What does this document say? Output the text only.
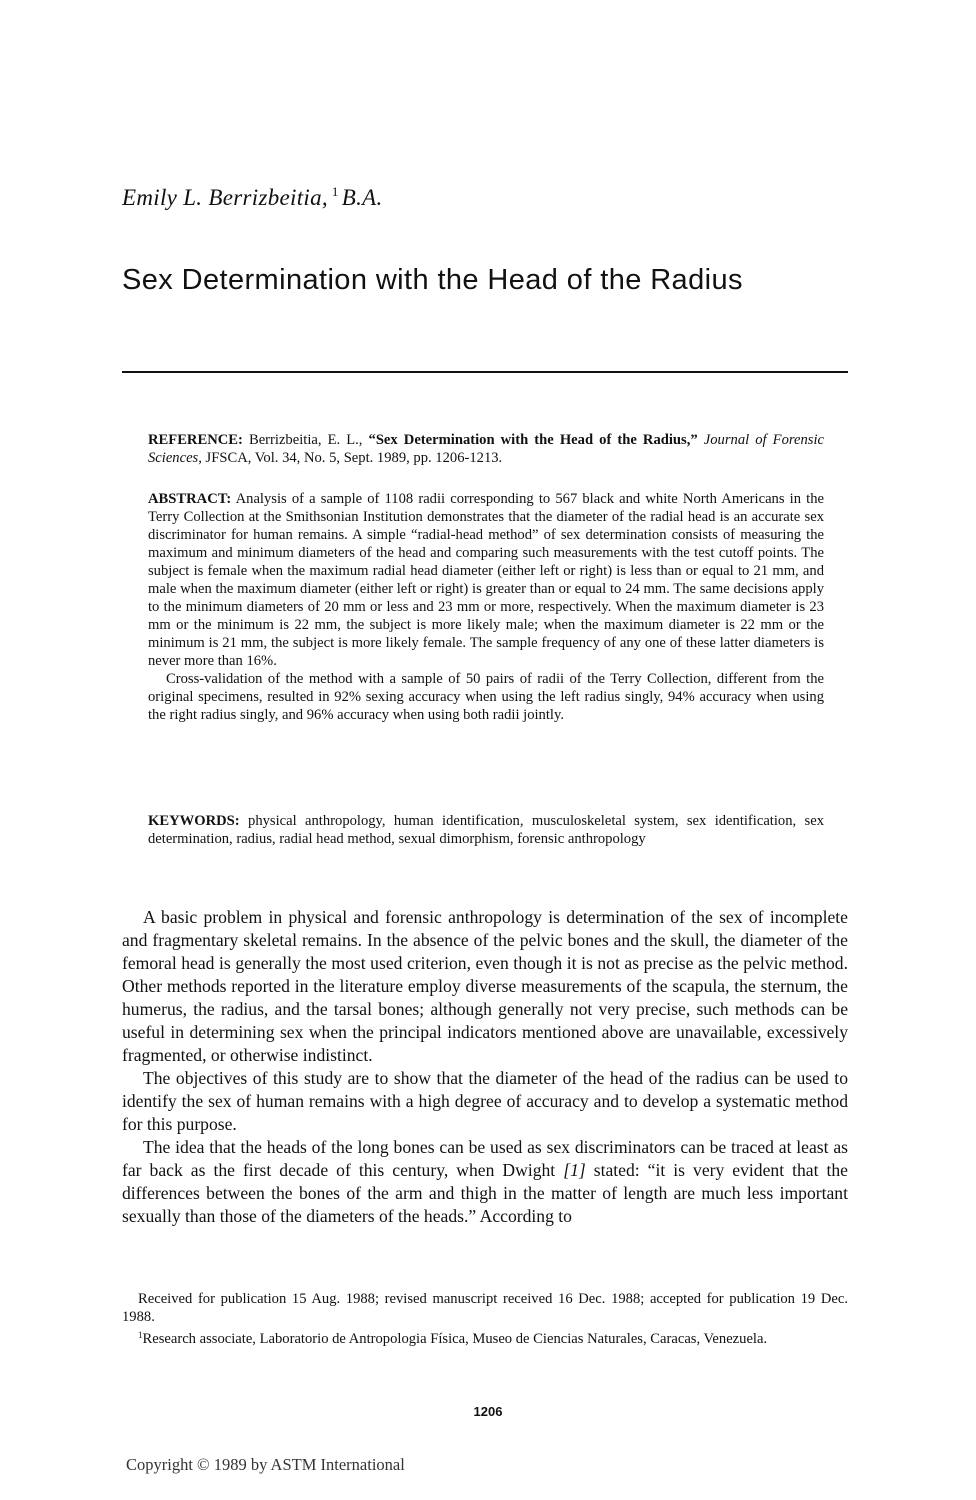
Emily L. Berrizbeitia, $^1$ B.A.
Sex Determination with the Head of the Radius

REFERENCE: Berrizbeitia, E. L., “Sex Determination with the Head of the Radius,” Journal of Forensic Sciences, JFSCA, Vol. 34, No. 5, Sept. 1989, pp. 1206-1213.

ABSTRACT: Analysis of a sample of 1108 radii corresponding to 567 black and white North Americans in the Terry Collection at the Smithsonian Institution demonstrates that the diameter of the radial head is an accurate sex discriminator for human remains. A simple “radial-head method” of sex determination consists of measuring the maximum and minimum diameters of the head and comparing such measurements with the test cutoff points. The subject is female when the maximum radial head diameter (either left or right) is less than or equal to 21 mm, and male when the maximum diameter (either left or right) is greater than or equal to 24 mm. The same decisions apply to the minimum diameters of 20 mm or less and 23 mm or more, respectively. When the maximum diameter is 23 mm or the minimum is 22 mm, the subject is more likely male; when the maximum diameter is 22 mm or the minimum is 21 mm, the subject is more likely female. The sample frequency of any one of these latter diameters is never more than 16%.

Cross-validation of the method with a sample of 50 pairs of radii of the Terry Collection, different from the original specimens, resulted in 92% sexing accuracy when using the left radius singly, 94% accuracy when using the right radius singly, and 96% accuracy when using both radii jointly.

KEYWORDS: physical anthropology, human identification, musculoskeletal system, sex identification, sex determination, radius, radial head method, sexual dimorphism, forensic anthropology

A basic problem in physical and forensic anthropology is determination of the sex of incomplete and fragmentary skeletal remains. In the absence of the pelvic bones and the skull, the diameter of the femoral head is generally the most used criterion, even though it is not as precise as the pelvic method. Other methods reported in the literature employ diverse measurements of the scapula, the sternum, the humerus, the radius, and the tarsal bones; although generally not very precise, such methods can be useful in determining sex when the principal indicators mentioned above are unavailable, excessively fragmented, or otherwise indistinct.

The objectives of this study are to show that the diameter of the head of the radius can be used to identify the sex of human remains with a high degree of accuracy and to develop a systematic method for this purpose.

The idea that the heads of the long bones can be used as sex discriminators can be traced at least as far back as the first decade of this century, when Dwight [1] stated: “it is very evident that the differences between the bones of the arm and thigh in the matter of length are much less important sexually than those of the diameters of the heads.” According to

Received for publication 15 Aug. 1988; revised manuscript received 16 Dec. 1988; accepted for publication 19 Dec. 1988.

$^1$Research associate, Laboratorio de Antropologia Física, Museo de Ciencias Naturales, Caracas, Venezuela.

1206
Copyright © 1989 by ASTM International
